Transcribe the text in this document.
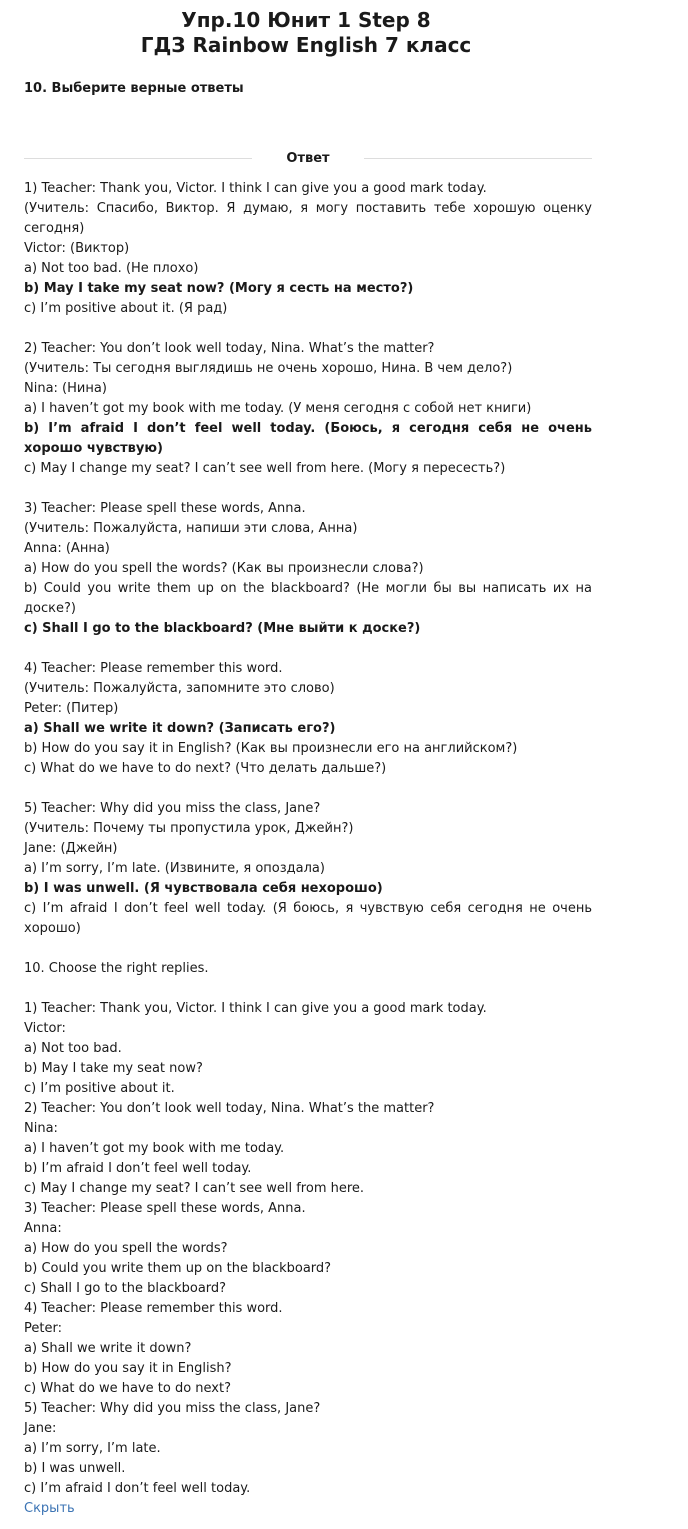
Упр.10 Юнит 1 Step 8
ГДЗ Rainbow English 7 класс
10. Выберите верные ответы
Ответ
1) Teacher: Thank you, Victor. I think I can give you a good mark today.
(Учитель: Спасибо, Виктор. Я думаю, я могу поставить тебе хорошую оценку сегодня)
Victor: (Виктор)
a) Not too bad. (Не плохо)
b) May I take my seat now? (Могу я сесть на место?)
c) I’m positive about it. (Я рад)
2) Teacher: You don’t look well today, Nina. What’s the matter?
(Учитель: Ты сегодня выглядишь не очень хорошо, Нина. В чем дело?)
Nina: (Нина)
a) I haven’t got my book with me today. (У меня сегодня с собой нет книги)
b) I’m afraid I don’t feel well today. (Боюсь, я сегодня себя не очень хорошо чувствую)
c) May I change my seat? I can’t see well from here. (Могу я пересесть?)
3) Teacher: Please spell these words, Anna.
(Учитель: Пожалуйста, напиши эти слова, Анна)
Anna: (Анна)
a) How do you spell the words? (Как вы произнесли слова?)
b) Could you write them up on the blackboard? (Не могли бы вы написать их на доске?)
c) Shall I go to the blackboard? (Мне выйти к доске?)
4) Teacher: Please remember this word.
(Учитель: Пожалуйста, запомните это слово)
Peter: (Питер)
a) Shall we write it down? (Записать его?)
b) How do you say it in English? (Как вы произнесли его на английском?)
c) What do we have to do next? (Что делать дальше?)
5) Teacher: Why did you miss the class, Jane?
(Учитель: Почему ты пропустила урок, Джейн?)
Jane: (Джейн)
a) I’m sorry, I’m late. (Извините, я опоздала)
b) I was unwell. (Я чувствовала себя нехорошо)
c) I’m afraid I don’t feel well today. (Я боюсь, я чувствую себя сегодня не очень хорошо)
10. Choose the right replies.
1) Teacher: Thank you, Victor. I think I can give you a good mark today.
Victor:
a) Not too bad.
b) May I take my seat now?
c) I’m positive about it.
2) Teacher: You don’t look well today, Nina. What’s the matter?
Nina:
a) I haven’t got my book with me today.
b) I’m afraid I don’t feel well today.
c) May I change my seat? I can’t see well from here.
3) Teacher: Please spell these words, Anna.
Anna:
a) How do you spell the words?
b) Could you write them up on the blackboard?
c) Shall I go to the blackboard?
4) Teacher: Please remember this word.
Peter:
a) Shall we write it down?
b) How do you say it in English?
c) What do we have to do next?
5) Teacher: Why did you miss the class, Jane?
Jane:
a) I’m sorry, I’m late.
b) I was unwell.
c) I’m afraid I don’t feel well today.
Скрыть
